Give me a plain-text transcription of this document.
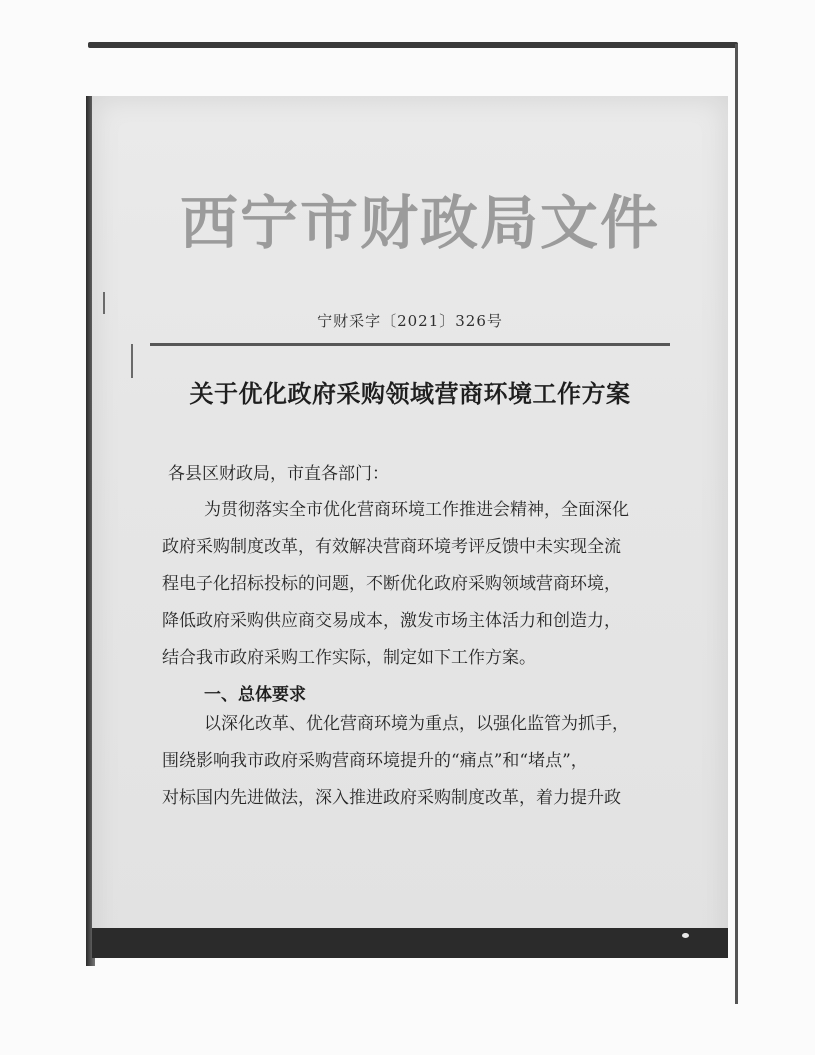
西宁市财政局文件
宁财采字〔2021〕326号
关于优化政府采购领域营商环境工作方案
各县区财政局，市直各部门：
为贯彻落实全市优化营商环境工作推进会精神，全面深化
政府采购制度改革，有效解决营商环境考评反馈中未实现全流
程电子化招标投标的问题，不断优化政府采购领域营商环境，
降低政府采购供应商交易成本，激发市场主体活力和创造力，
结合我市政府采购工作实际，制定如下工作方案。
一、总体要求
以深化改革、优化营商环境为重点，以强化监管为抓手，
围绕影响我市政府采购营商环境提升的“痛点”和“堵点”，
对标国内先进做法，深入推进政府采购制度改革，着力提升政
